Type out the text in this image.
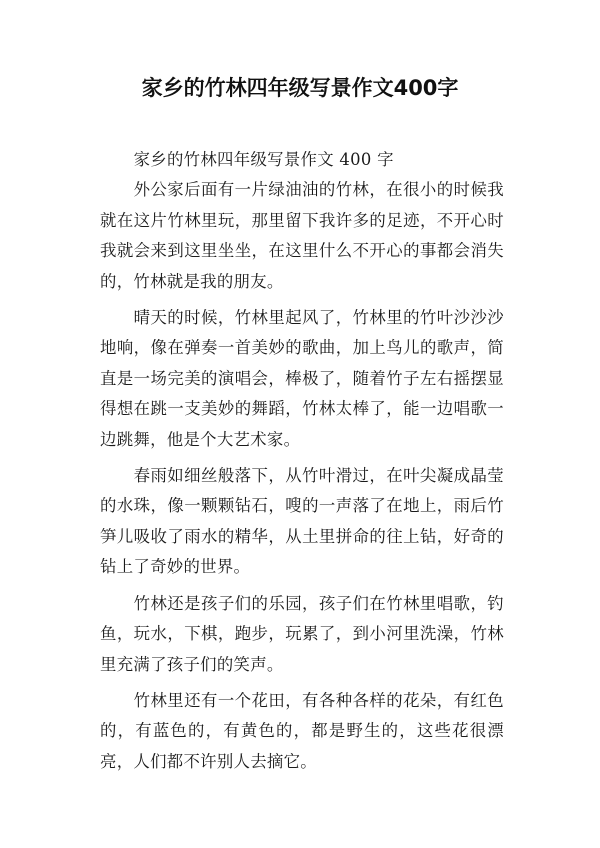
家乡的竹林四年级写景作文400字

家乡的竹林四年级写景作文 400 字

外公家后面有一片绿油油的竹林，在很小的时候我就在这片竹林里玩，那里留下我许多的足迹，不开心时我就会来到这里坐坐，在这里什么不开心的事都会消失的，竹林就是我的朋友。

晴天的时候，竹林里起风了，竹林里的竹叶沙沙沙地响，像在弹奏一首美妙的歌曲，加上鸟儿的歌声，简直是一场完美的演唱会，棒极了，随着竹子左右摇摆显得想在跳一支美妙的舞蹈，竹林太棒了，能一边唱歌一边跳舞，他是个大艺术家。

春雨如细丝般落下，从竹叶滑过，在叶尖凝成晶莹的水珠，像一颗颗钻石，嗖的一声落了在地上，雨后竹笋儿吸收了雨水的精华，从土里拼命的往上钻，好奇的钻上了奇妙的世界。

竹林还是孩子们的乐园，孩子们在竹林里唱歌，钓鱼，玩水，下棋，跑步，玩累了，到小河里洗澡，竹林里充满了孩子们的笑声。

竹林里还有一个花田，有各种各样的花朵，有红色的，有蓝色的，有黄色的，都是野生的，这些花很漂亮，人们都不许别人去摘它。
